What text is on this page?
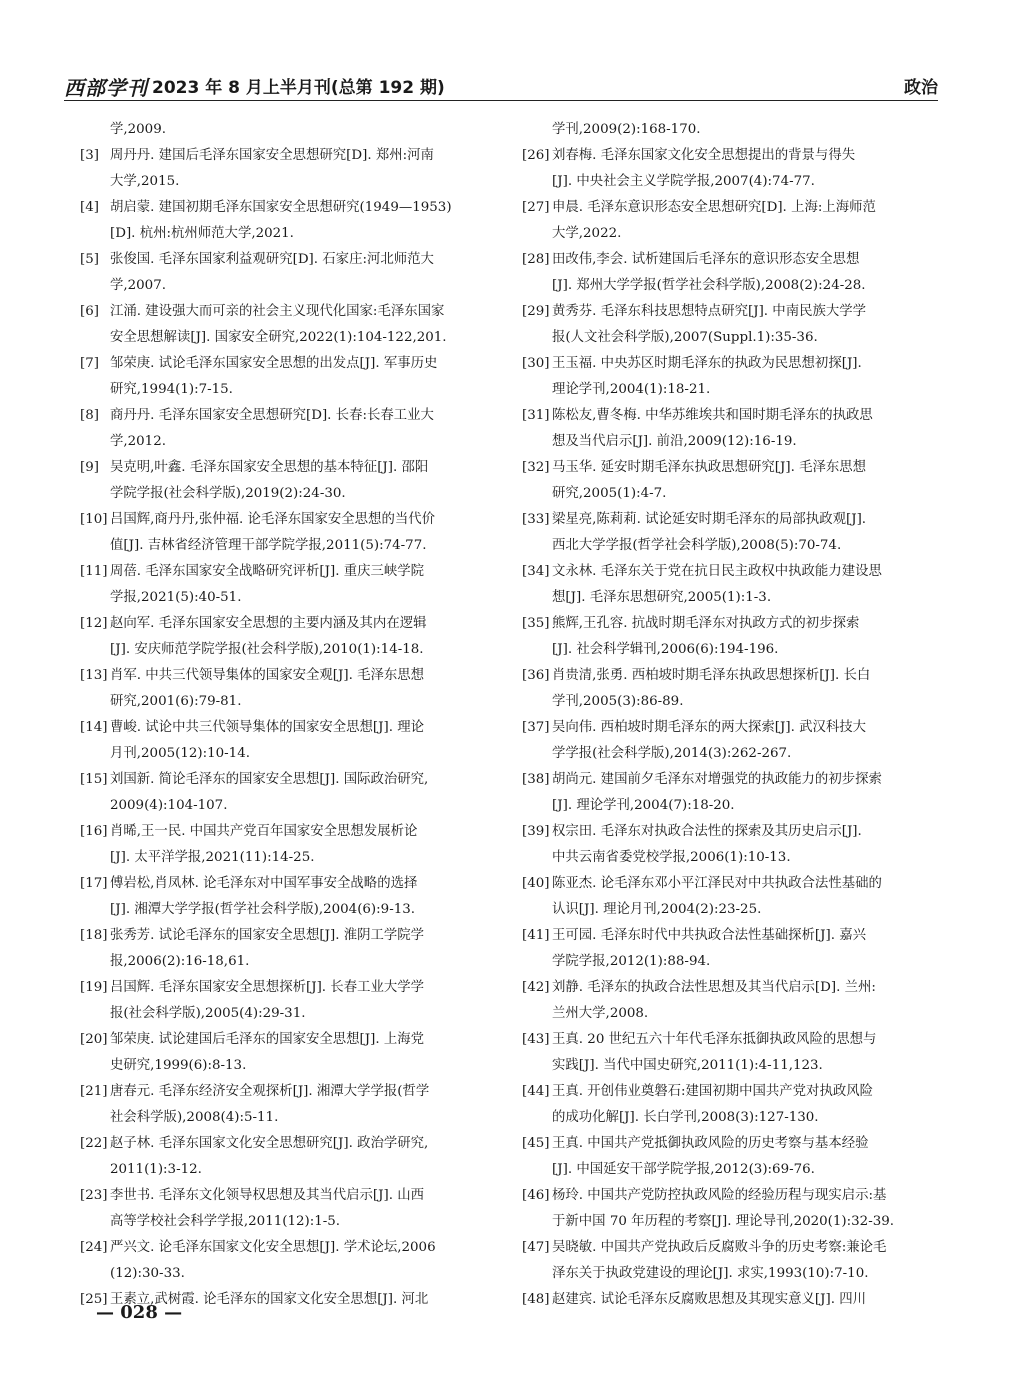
西部学刊 2023 年 8 月上半月刊(总第 192 期)	政治
学,2009.
[3] 周丹丹. 建国后毛泽东国家安全思想研究[D]. 郑州:河南
大学,2015.
[4] 胡启蒙. 建国初期毛泽东国家安全思想研究(1949—1953)
[D]. 杭州:杭州师范大学,2021.
[5] 张俊国. 毛泽东国家利益观研究[D]. 石家庄:河北师范大
学,2007.
[6] 江涌. 建设强大而可亲的社会主义现代化国家:毛泽东国家
安全思想解读[J]. 国家安全研究,2022(1):104-122,201.
[7] 邹荣庚. 试论毛泽东国家安全思想的出发点[J]. 军事历史
研究,1994(1):7-15.
[8] 商丹丹. 毛泽东国家安全思想研究[D]. 长春:长春工业大
学,2012.
[9] 吴克明,叶鑫. 毛泽东国家安全思想的基本特征[J]. 邵阳
学院学报(社会科学版),2019(2):24-30.
[10] 吕国辉,商丹丹,张仲福. 论毛泽东国家安全思想的当代价
值[J]. 吉林省经济管理干部学院学报,2011(5):74-77.
[11] 周蓓. 毛泽东国家安全战略研究评析[J]. 重庆三峡学院
学报,2021(5):40-51.
[12] 赵向军. 毛泽东国家安全思想的主要内涵及其内在逻辑
[J]. 安庆师范学院学报(社会科学版),2010(1):14-18.
[13] 肖军. 中共三代领导集体的国家安全观[J]. 毛泽东思想
研究,2001(6):79-81.
[14] 曹峻. 试论中共三代领导集体的国家安全思想[J]. 理论
月刊,2005(12):10-14.
[15] 刘国新. 简论毛泽东的国家安全思想[J]. 国际政治研究,
2009(4):104-107.
[16] 肖晞,王一民. 中国共产党百年国家安全思想发展析论
[J]. 太平洋学报,2021(11):14-25.
[17] 傅岩松,肖凤林. 论毛泽东对中国军事安全战略的选择
[J]. 湘潭大学学报(哲学社会科学版),2004(6):9-13.
[18] 张秀芳. 试论毛泽东的国家安全思想[J]. 淮阴工学院学
报,2006(2):16-18,61.
[19] 吕国辉. 毛泽东国家安全思想探析[J]. 长春工业大学学
报(社会科学版),2005(4):29-31.
[20] 邹荣庚. 试论建国后毛泽东的国家安全思想[J]. 上海党
史研究,1999(6):8-13.
[21] 唐春元. 毛泽东经济安全观探析[J]. 湘潭大学学报(哲学
社会科学版),2008(4):5-11.
[22] 赵子林. 毛泽东国家文化安全思想研究[J]. 政治学研究,
2011(1):3-12.
[23] 李世书. 毛泽东文化领导权思想及其当代启示[J]. 山西
高等学校社会科学学报,2011(12):1-5.
[24] 严兴文. 论毛泽东国家文化安全思想[J]. 学术论坛,2006
(12):30-33.
[25] 王素立,武树霞. 论毛泽东的国家文化安全思想[J]. 河北
学刊,2009(2):168-170.
[26] 刘春梅. 毛泽东国家文化安全思想提出的背景与得失
[J]. 中央社会主义学院学报,2007(4):74-77.
[27] 申晨. 毛泽东意识形态安全思想研究[D]. 上海:上海师范
大学,2022.
[28] 田改伟,李会. 试析建国后毛泽东的意识形态安全思想
[J]. 郑州大学学报(哲学社会科学版),2008(2):24-28.
[29] 黄秀芬. 毛泽东科技思想特点研究[J]. 中南民族大学学
报(人文社会科学版),2007(Suppl.1):35-36.
[30] 王玉福. 中央苏区时期毛泽东的执政为民思想初探[J].
理论学刊,2004(1):18-21.
[31] 陈松友,曹冬梅. 中华苏维埃共和国时期毛泽东的执政思
想及当代启示[J]. 前沿,2009(12):16-19.
[32] 马玉华. 延安时期毛泽东执政思想研究[J]. 毛泽东思想
研究,2005(1):4-7.
[33] 梁星亮,陈莉莉. 试论延安时期毛泽东的局部执政观[J].
西北大学学报(哲学社会科学版),2008(5):70-74.
[34] 文永林. 毛泽东关于党在抗日民主政权中执政能力建设思
想[J]. 毛泽东思想研究,2005(1):1-3.
[35] 熊辉,王孔容. 抗战时期毛泽东对执政方式的初步探索
[J]. 社会科学辑刊,2006(6):194-196.
[36] 肖贵清,张勇. 西柏坡时期毛泽东执政思想探析[J]. 长白
学刊,2005(3):86-89.
[37] 吴向伟. 西柏坡时期毛泽东的两大探索[J]. 武汉科技大
学学报(社会科学版),2014(3):262-267.
[38] 胡尚元. 建国前夕毛泽东对增强党的执政能力的初步探索
[J]. 理论学刊,2004(7):18-20.
[39] 权宗田. 毛泽东对执政合法性的探索及其历史启示[J].
中共云南省委党校学报,2006(1):10-13.
[40] 陈亚杰. 论毛泽东邓小平江泽民对中共执政合法性基础的
认识[J]. 理论月刊,2004(2):23-25.
[41] 王可园. 毛泽东时代中共执政合法性基础探析[J]. 嘉兴
学院学报,2012(1):88-94.
[42] 刘静. 毛泽东的执政合法性思想及其当代启示[D]. 兰州:
兰州大学,2008.
[43] 王真. 20 世纪五六十年代毛泽东抵御执政风险的思想与
实践[J]. 当代中国史研究,2011(1):4-11,123.
[44] 王真. 开创伟业奠磐石:建国初期中国共产党对执政风险
的成功化解[J]. 长白学刊,2008(3):127-130.
[45] 王真. 中国共产党抵御执政风险的历史考察与基本经验
[J]. 中国延安干部学院学报,2012(3):69-76.
[46] 杨玲. 中国共产党防控执政风险的经验历程与现实启示:基
于新中国 70 年历程的考察[J]. 理论导刊,2020(1):32-39.
[47] 吴晓敏. 中国共产党执政后反腐败斗争的历史考察:兼论毛
泽东关于执政党建设的理论[J]. 求实,1993(10):7-10.
[48] 赵建宾. 试论毛泽东反腐败思想及其现实意义[J]. 四川
— 028 —
